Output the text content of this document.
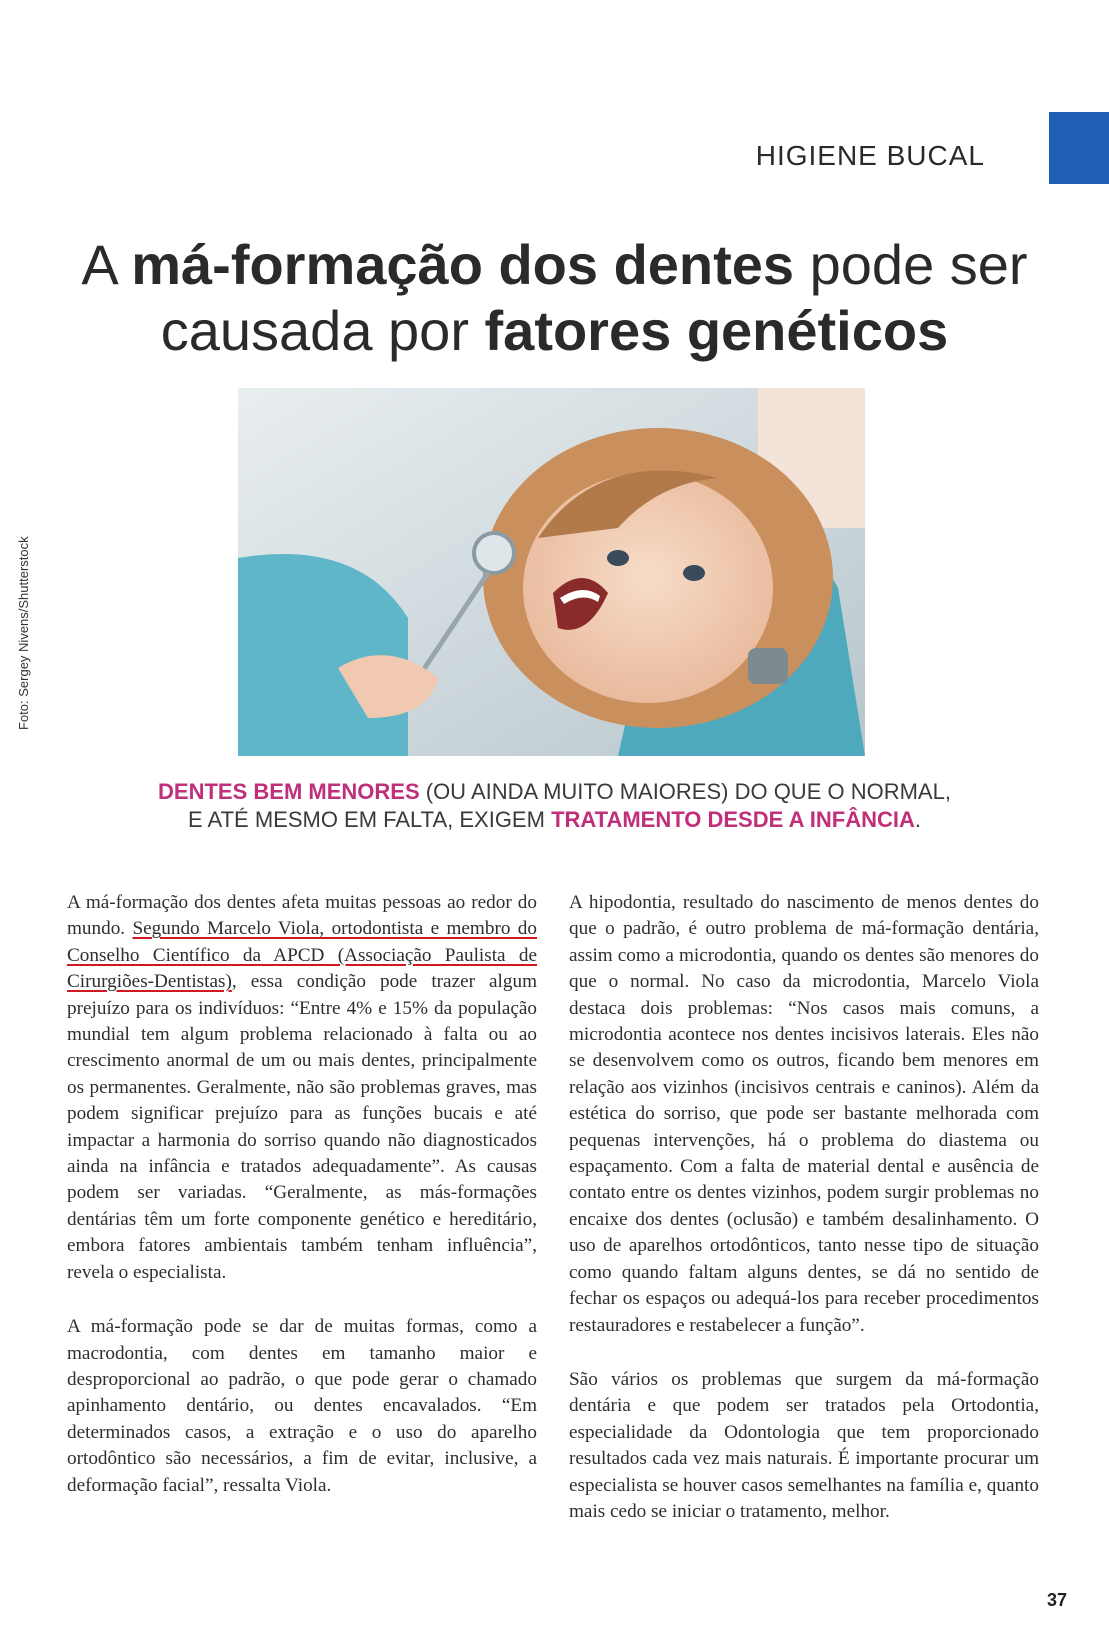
HIGIENE BUCAL
A má-formação dos dentes pode ser causada por fatores genéticos
Foto: Sergey Nivens/Shutterstock

DENTES BEM MENORES (OU AINDA MUITO MAIORES) DO QUE O NORMAL,
E ATÉ MESMO EM FALTA, EXIGEM TRATAMENTO DESDE A INFÂNCIA.

A má-formação dos dentes afeta muitas pessoas ao redor do mundo. Segundo Marcelo Viola, ortodontista e membro do Conselho Científico da APCD (Associação Paulista de Cirurgiões-Dentistas), essa condição pode trazer algum prejuízo para os indivíduos: “Entre 4% e 15% da população mundial tem algum problema relacionado à falta ou ao crescimento anormal de um ou mais dentes, principalmente os permanentes. Geralmente, não são problemas graves, mas podem significar prejuízo para as funções bucais e até impactar a harmonia do sorriso quando não diagnosticados ainda na infância e tratados adequadamente”. As causas podem ser variadas. “Geralmente, as más-formações dentárias têm um forte componente genético e hereditário, embora fatores ambientais também tenham influência”, revela o especialista.

A má-formação pode se dar de muitas formas, como a macrodontia, com dentes em tamanho maior e desproporcional ao padrão, o que pode gerar o chamado apinhamento dentário, ou dentes encavalados. “Em determinados casos, a extração e o uso do aparelho ortodôntico são necessários, a fim de evitar, inclusive, a deformação facial”, ressalta Viola.

A hipodontia, resultado do nascimento de menos dentes do que o padrão, é outro problema de má-formação dentária, assim como a microdontia, quando os dentes são menores do que o normal. No caso da microdontia, Marcelo Viola destaca dois problemas: “Nos casos mais comuns, a microdontia acontece nos dentes incisivos laterais. Eles não se desenvolvem como os outros, ficando bem menores em relação aos vizinhos (incisivos centrais e caninos). Além da estética do sorriso, que pode ser bastante melhorada com pequenas intervenções, há o problema do diastema ou espaçamento. Com a falta de material dental e ausência de contato entre os dentes vizinhos, podem surgir problemas no encaixe dos dentes (oclusão) e também desalinhamento. O uso de aparelhos ortodônticos, tanto nesse tipo de situação como quando faltam alguns dentes, se dá no sentido de fechar os espaços ou adequá-los para receber procedimentos restauradores e restabelecer a função”.

São vários os problemas que surgem da má-formação dentária e que podem ser tratados pela Ortodontia, especialidade da Odontologia que tem proporcionado resultados cada vez mais naturais. É importante procurar um especialista se houver casos semelhantes na família e, quanto mais cedo se iniciar o tratamento, melhor.

37
